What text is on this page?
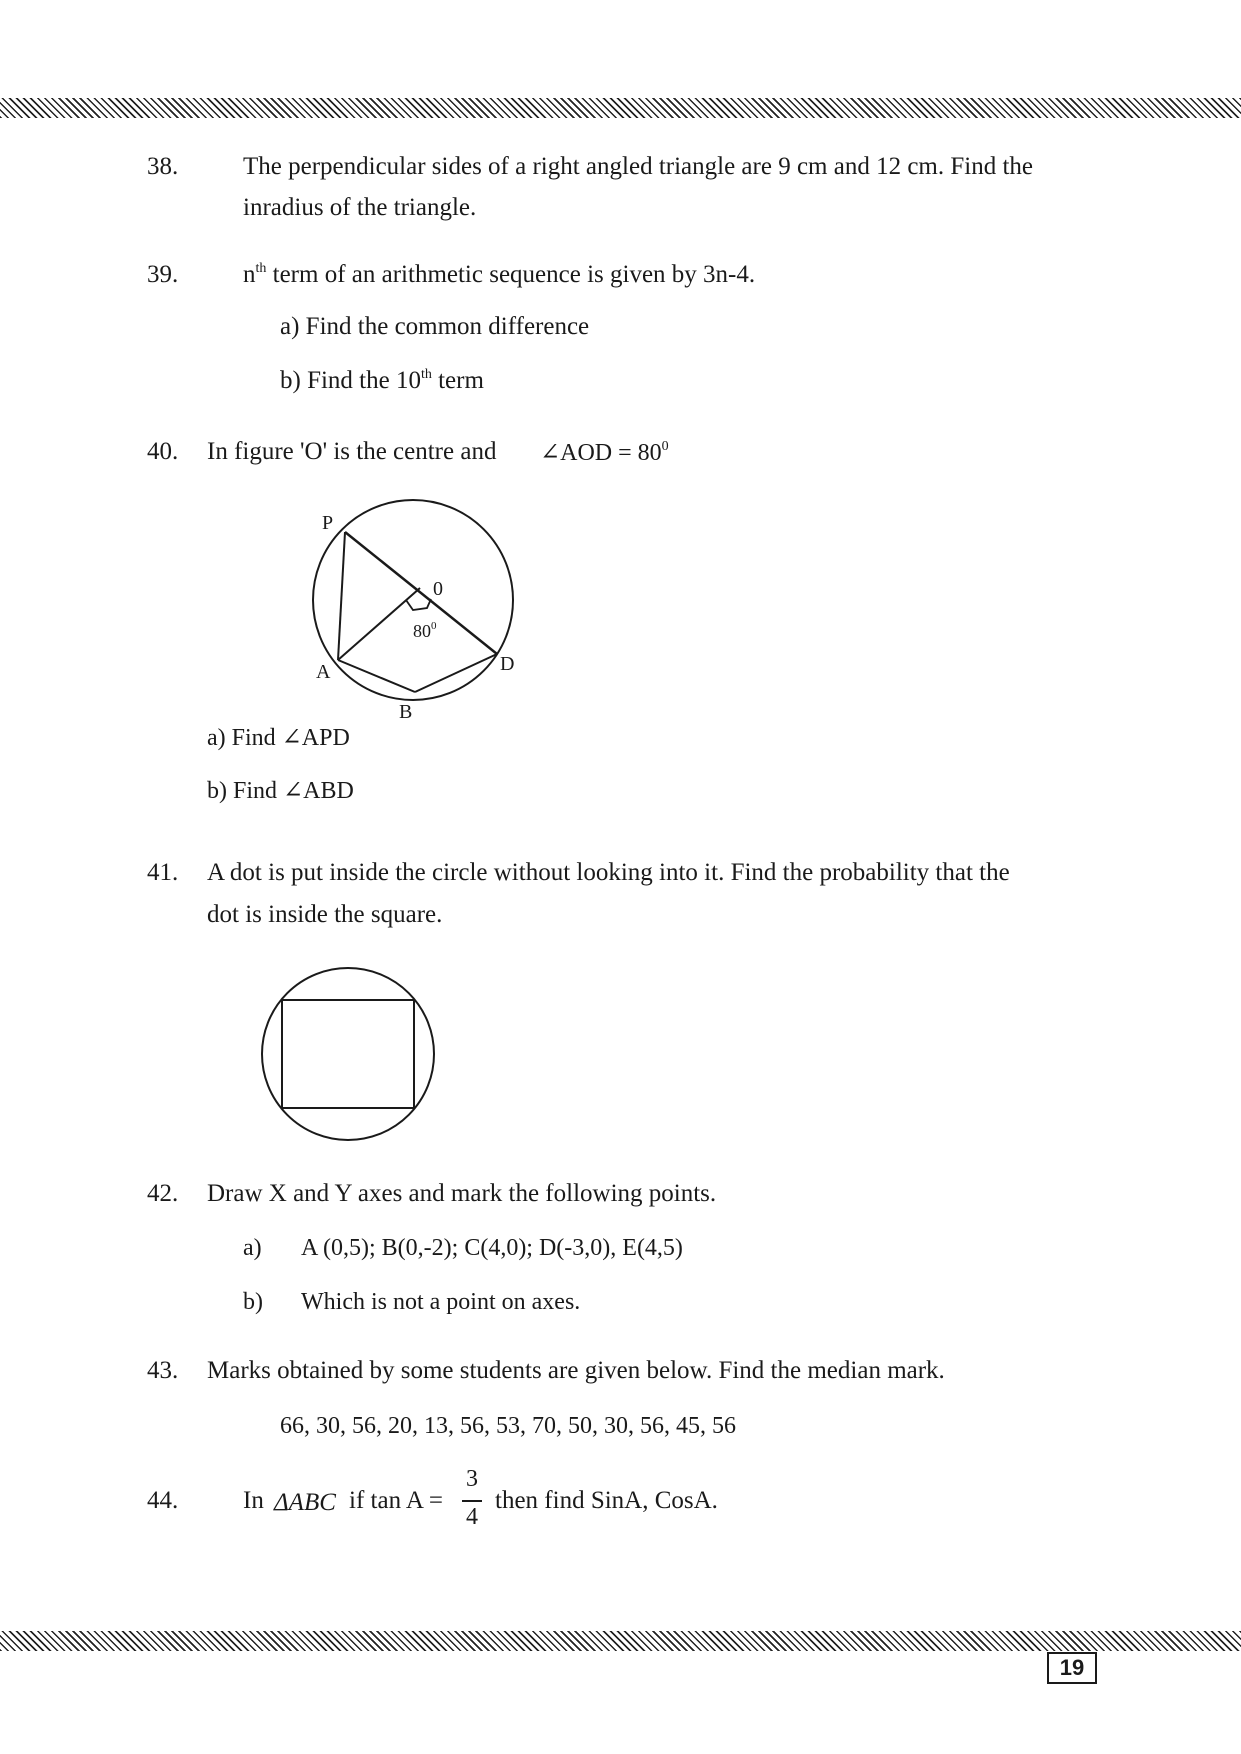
38.	The perpendicular sides of a right angled triangle are 9 cm and 12 cm. Find the
inradius of the triangle.
39.	$n^{th}$ term of an arithmetic sequence is given by 3n-4.
a) Find the common difference
b) Find the 10th term
40. In figure 'O' is the centre and ∠AOD = $80^0$
P
0
A
B
D
$80^0$
a) Find ∠APD
b) Find ∠ABD
41. A dot is put inside the circle without looking into it. Find the probability that the
dot is inside the square.
42. Draw X and Y axes and mark the following points.
a) A (0,5); B(0,-2); C(4,0); D(-3,0), E(4,5)
b) Which is not a point on axes.
43. Marks obtained by some students are given below. Find the median mark.
66, 30, 56, 20, 13, 56, 53, 70, 50, 30, 56, 45, 56
44.	In ΔABC if tan A =
3
4
then find SinA, CosA.
19
